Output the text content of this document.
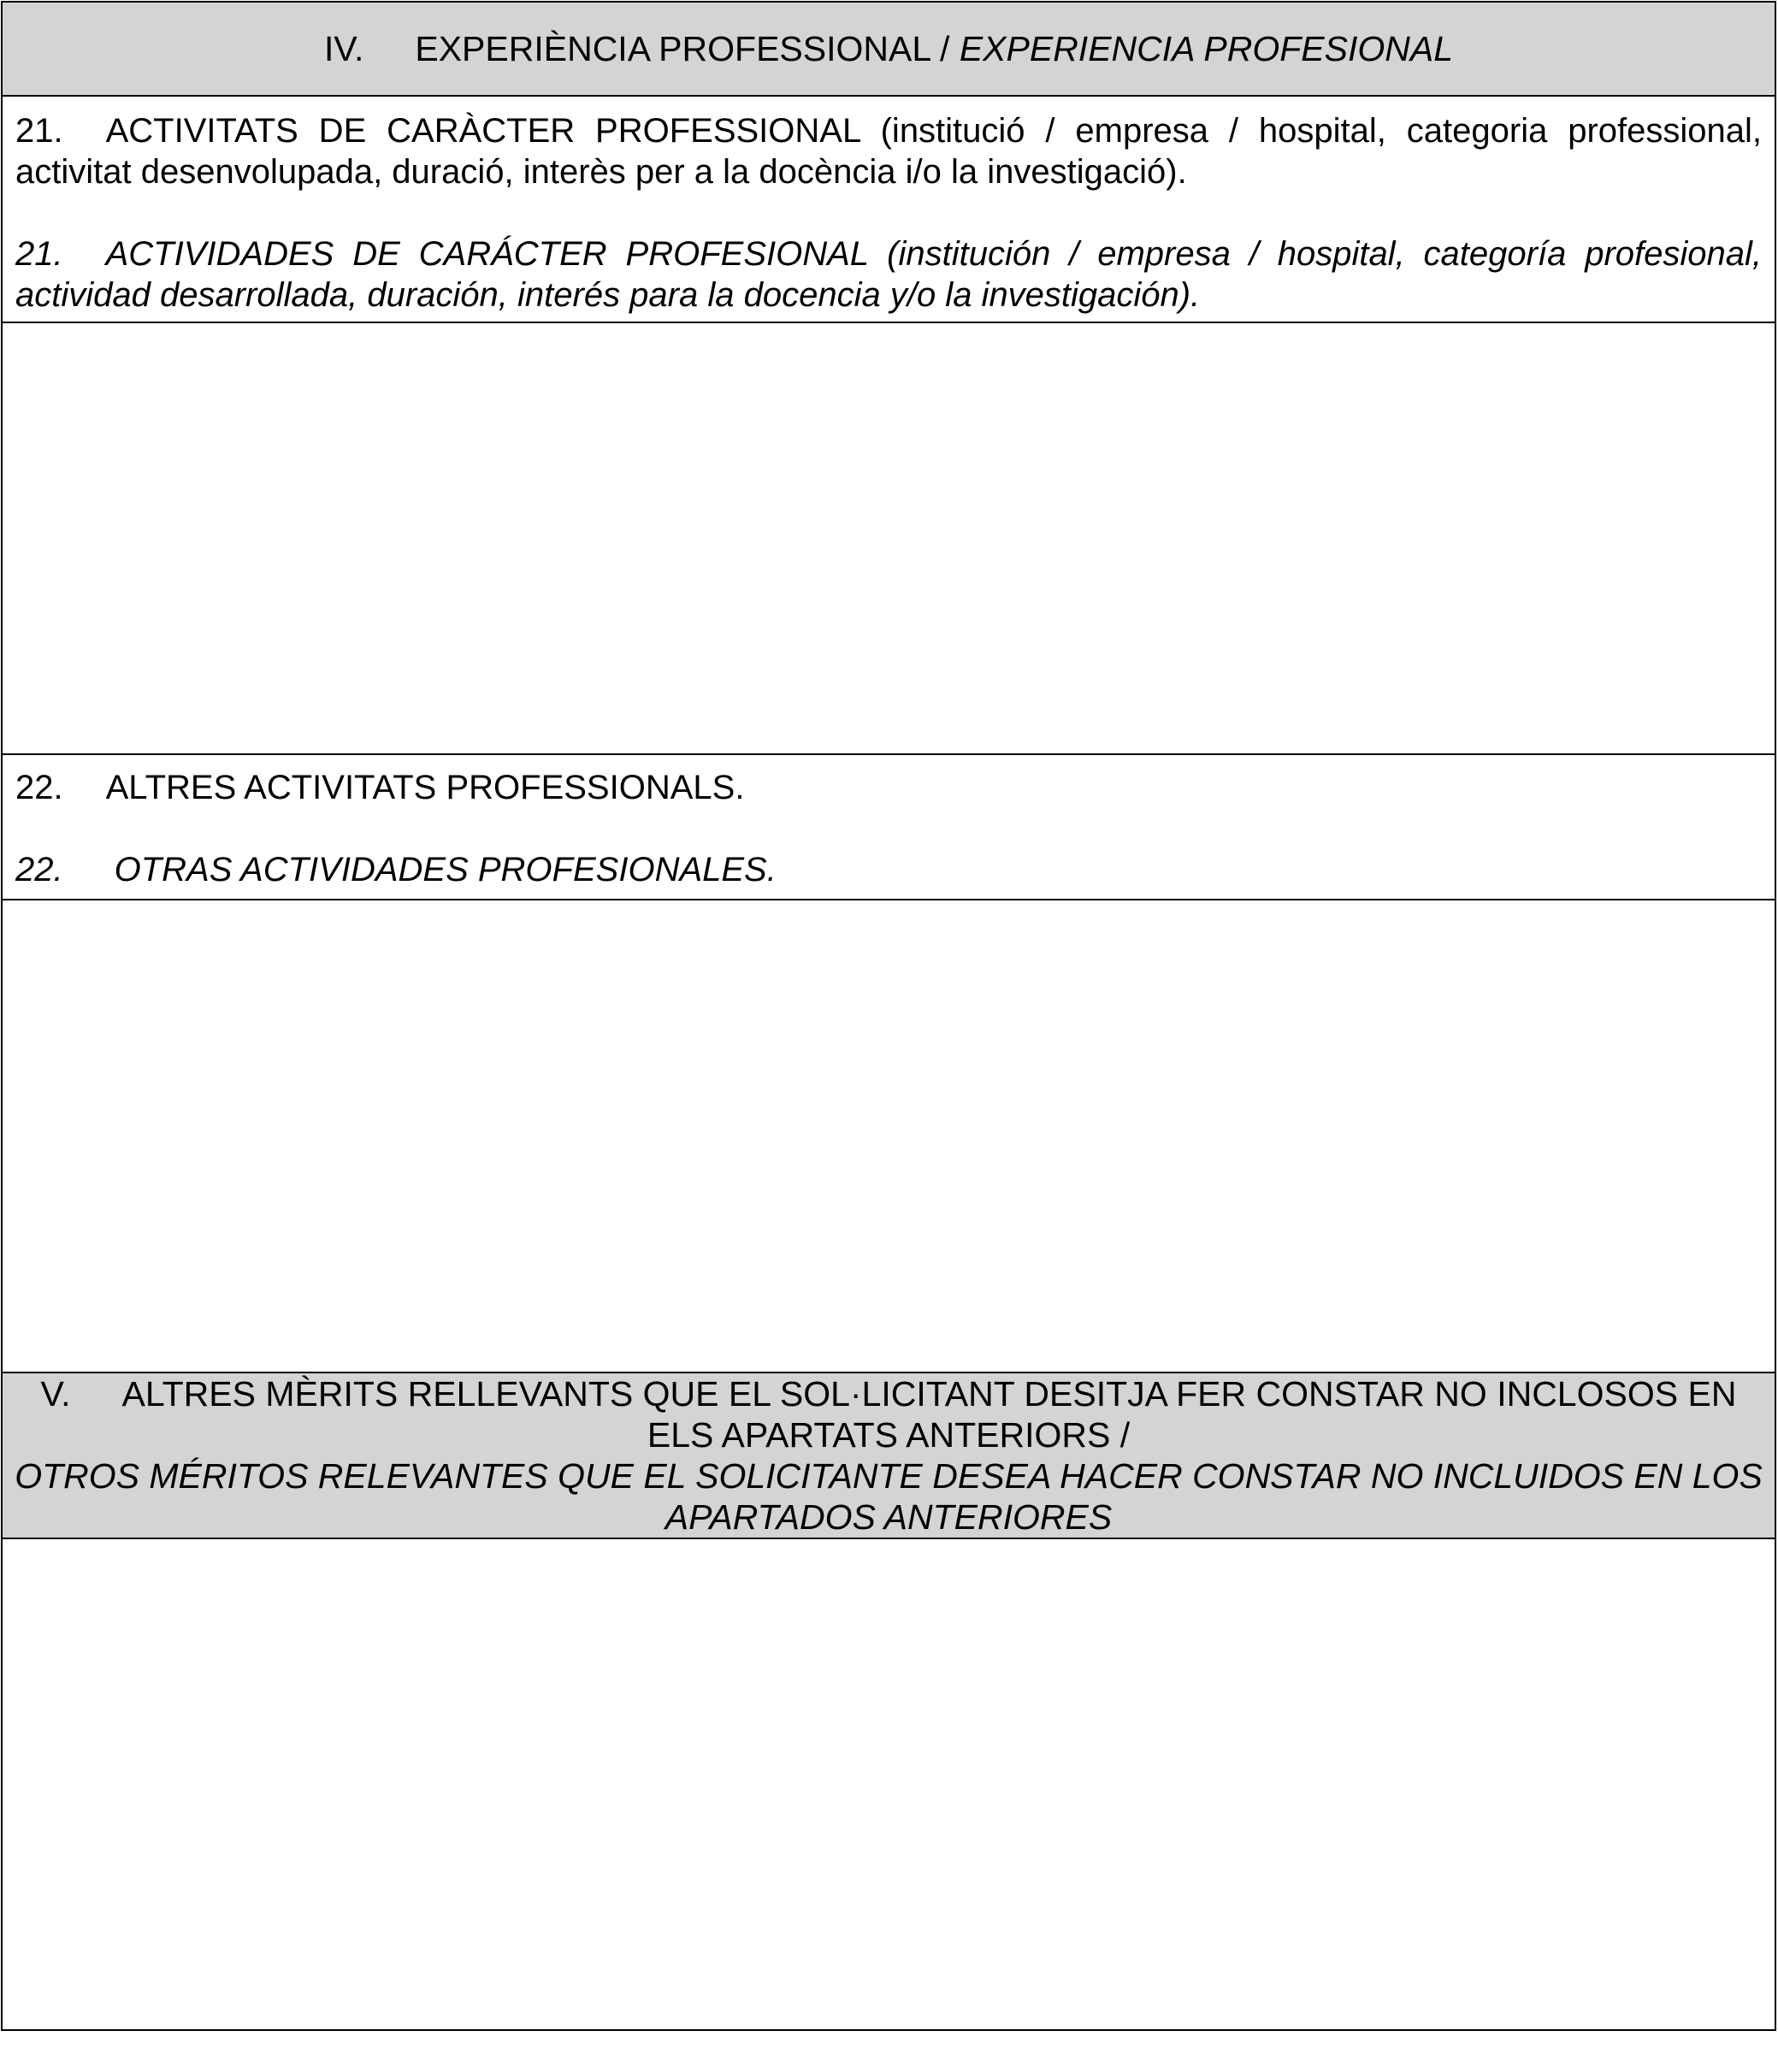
IV. EXPERIÈNCIA PROFESSIONAL / EXPERIENCIA PROFESIONAL
21. ACTIVITATS DE CARÀCTER PROFESSIONAL (institució / empresa / hospital, categoria professional, activitat desenvolupada, duració, interès per a la docència i/o la investigació).
21. ACTIVIDADES DE CARÁCTER PROFESIONAL (institución / empresa / hospital, categoría profesional, actividad desarrollada, duración, interés para la docencia y/o la investigación).
22. ALTRES ACTIVITATS PROFESSIONALS.
22. OTRAS ACTIVIDADES PROFESIONALES.
V. ALTRES MÈRITS RELLEVANTS QUE EL SOL·LICITANT DESITJA FER CONSTAR NO INCLOSOS EN
ELS APARTATS ANTERIORS /
OTROS MÉRITOS RELEVANTES QUE EL SOLICITANTE DESEA HACER CONSTAR NO INCLUIDOS EN LOS
APARTADOS ANTERIORES
